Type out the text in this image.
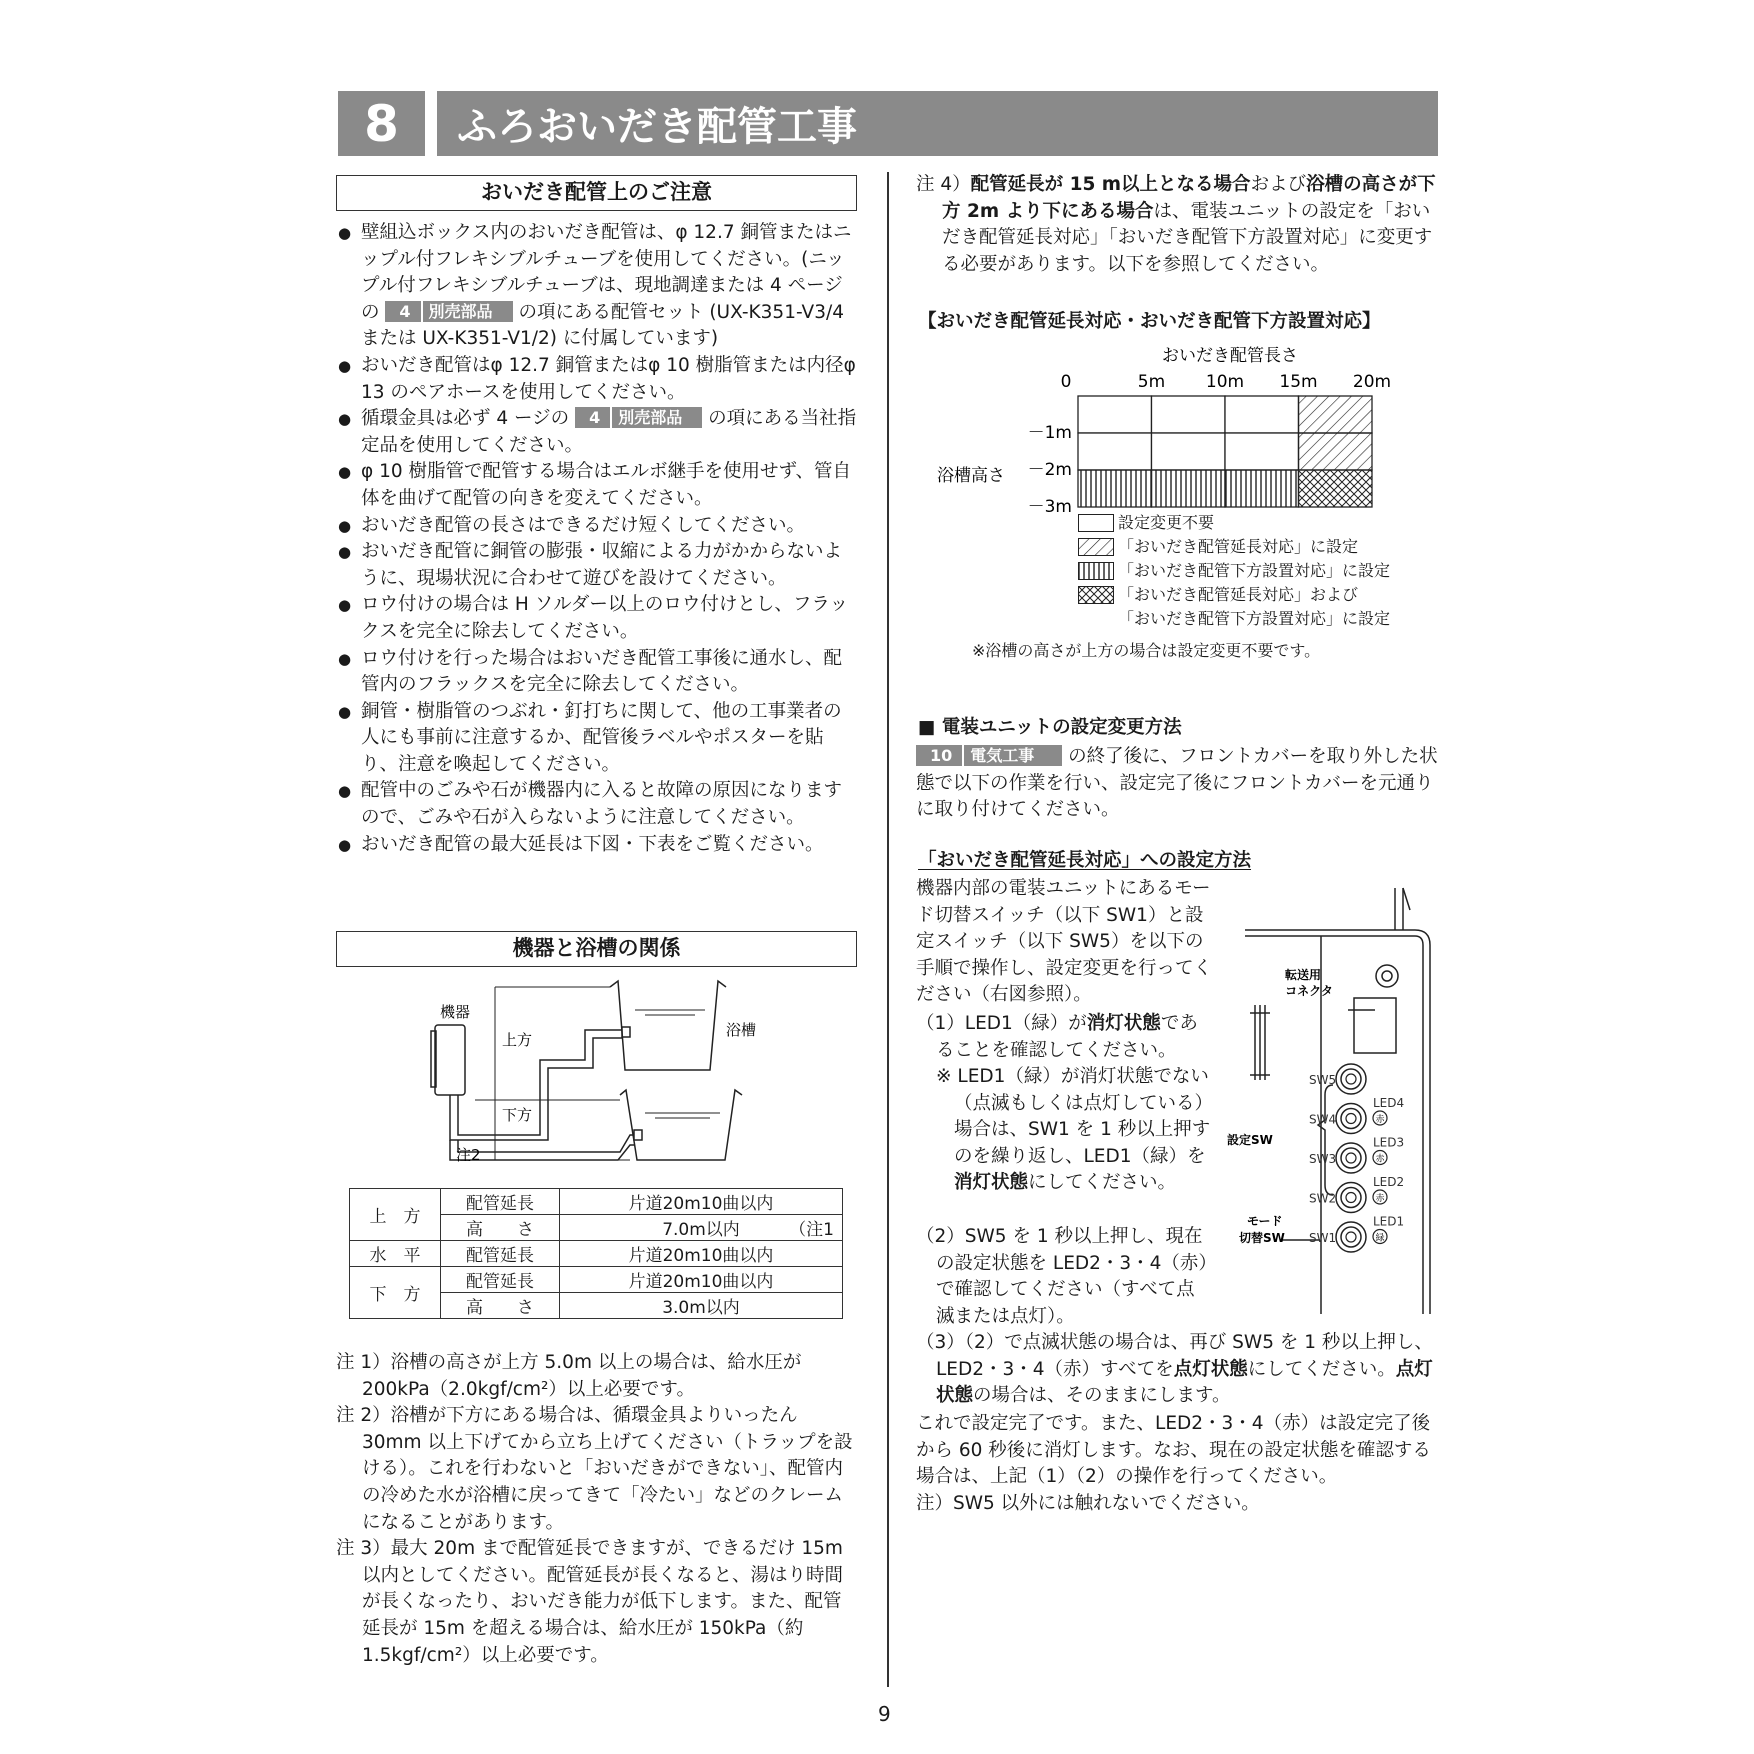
8	ふろおいだき配管工事
おいだき配管上のご注意
● 壁組込ボックス内のおいだき配管は、φ 12.7 銅管またはニップル付フレキシブルチューブを使用してください。(ニップル付フレキシブルチューブは、現地調達または 4 ページの 4 別売部品  の項にある配管セット (UX-K351-V3/4 または UX-K351-V1/2) に付属しています)
● おいだき配管はφ 12.7 銅管またはφ 10 樹脂管または内径φ 13 のペアホースを使用してください。
● 循環金具は必ず 4 ージの 4 別売部品  の項にある当社指定品を使用してください。
● φ 10 樹脂管で配管する場合はエルボ継手を使用せず、管自体を曲げて配管の向きを変えてください。
● おいだき配管の長さはできるだけ短くしてください。
● おいだき配管に銅管の膨張・収縮による力がかからないように、現場状況に合わせて遊びを設けてください。
● ロウ付けの場合は H ソルダー以上のロウ付けとし、フラックスを完全に除去してください。
● ロウ付けを行った場合はおいだき配管工事後に通水し、配管内のフラックスを完全に除去してください。
● 銅管・樹脂管のつぶれ・釘打ちに関して、他の工事業者の人にも事前に注意するか、配管後ラベルやポスターを貼り、注意を喚起してください。
● 配管中のごみや石が機器内に入ると故障の原因になりますので、ごみや石が入らないように注意してください。
● おいだき配管の最大延長は下図・下表をご覧ください。
機器と浴槽の関係
機器
上方
下方
注2
浴槽
上　方	配管延長	片道20m10曲以内
	高　　さ	7.0m以内 （注1

水　平	配管延長	片道20m10曲以内
下　方	配管延長	片道20m10曲以内
	高　　さ	3.0m以内

注 1）浴槽の高さが上方 5.0m 以上の場合は、給水圧が 200kPa（2.0kgf/cm²）以上必要です。

注 2）浴槽が下方にある場合は、循環金具よりいったん 30mm 以上下げてから立ち上げてください（トラップを設ける）。これを行わないと「おいだきができない」、配管内の冷めた水が浴槽に戻ってきて「冷たい」などのクレームになることがあります。

注 3）最大 20m まで配管延長できますが、できるだけ 15m 以内としてください。配管延長が長くなると、湯はり時間が長くなったり、おいだき能力が低下します。また、配管延長が 15m を超える場合は、給水圧が 150kPa（約 1.5kgf/cm²）以上必要です。

注 4）配管延長が 15 m以上となる場合および浴槽の高さが下方 2m より下にある場合は、電装ユニットの設定を「おいだき配管延長対応」「おいだき配管下方設置対応」に変更する必要があります。以下を参照してください。

【おいだき配管延長対応・おいだき配管下方設置対応】
おいだき配管長さ
0	5m 10m 15m 20m
－1m
－2m
－3m
浴槽高さ
設定変更不要
「おいだき配管延長対応」に設定
「おいだき配管下方設置対応」に設定
「おいだき配管延長対応」および
「おいだき配管下方設置対応」に設定
※浴槽の高さが上方の場合は設定変更不要です。
■ 電装ユニットの設定変更方法
10 電気工事   の終了後に、フロントカバーを取り外した状態で以下の作業を行い、設定完了後にフロントカバーを元通りに取り付けてください。
「おいだき配管延長対応」への設定方法
機器内部の電装ユニットにあるモード切替スイッチ（以下 SW1）と設定スイッチ（以下 SW5）を以下の手順で操作し、設定変更を行ってください（右図参照）。

（1）LED1（緑）が消灯状態であることを確認してください。

※ LED1（緑）が消灯状態でない（点滅もしくは点灯している）場合は、SW1 を 1 秒以上押すのを繰り返し、LED1（緑）を消灯状態にしてください。

（2）SW5 を 1 秒以上押し、現在の設定状態を LED2・3・4（赤）で確認してください（すべて点滅または点灯）。

SW5
SW4
SW3
SW2
SW1
LED4
赤
LED3
赤
LED2
赤
LED1
緑
転送用
コネクタ
設定SW
モード
切替SW

（3）（2）で点滅状態の場合は、再び SW5 を 1 秒以上押し、LED2・3・4（赤）すべてを点灯状態にしてください。点灯状態の場合は、そのままにします。

これで設定完了です。また、LED2・3・4（赤）は設定完了後から 60 秒後に消灯します。なお、現在の設定状態を確認する場合は、上記（1）（2）の操作を行ってください。
注）SW5 以外には触れないでください。
9
